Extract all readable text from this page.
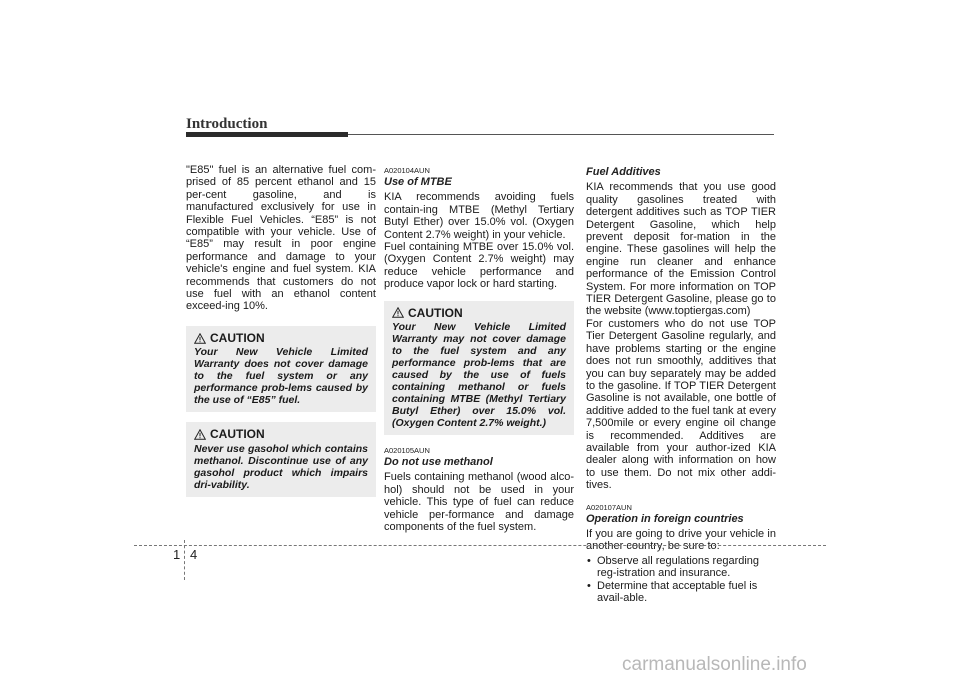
Introduction

"E85" fuel is an alternative fuel com-prised of 85 percent ethanol and 15 per-cent gasoline, and is manufactured exclusively for use in Flexible Fuel Vehicles. “E85” is not compatible with your vehicle. Use of “E85” may result in poor engine performance and damage to your vehicle's engine and fuel system. KIA recommends that customers do not use fuel with an ethanol content exceed-ing 10%.

CAUTION
Your New Vehicle Limited Warranty does not cover damage to the fuel system or any performance prob-lems caused by the use of “E85” fuel.
CAUTION
Never use gasohol which contains methanol. Discontinue use of any gasohol product which impairs dri-vability.
A020104AUN
Use of MTBE

KIA recommends avoiding fuels contain-ing MTBE (Methyl Tertiary Butyl Ether) over 15.0% vol. (Oxygen Content 2.7% weight) in your vehicle.

Fuel containing MTBE over 15.0% vol. (Oxygen Content 2.7% weight) may reduce vehicle performance and produce vapor lock or hard starting.

CAUTION
Your New Vehicle Limited Warranty may not cover damage to the fuel system and any performance prob-lems that are caused by the use of fuels containing methanol or fuels containing MTBE (Methyl Tertiary Butyl Ether) over 15.0% vol. (Oxygen Content 2.7% weight.)
A020105AUN
Do not use methanol

Fuels containing methanol (wood alco-hol) should not be used in your vehicle. This type of fuel can reduce vehicle per-formance and damage components of the fuel system.

Fuel Additives

KIA recommends that you use good quality gasolines treated with detergent additives such as TOP TIER Detergent Gasoline, which help prevent deposit for-mation in the engine. These gasolines will help the engine run cleaner and enhance performance of the Emission Control System. For more information on TOP TIER Detergent Gasoline, please go to the website (www.toptiergas.com)

For customers who do not use TOP Tier Detergent Gasoline regularly, and have problems starting or the engine does not run smoothly, additives that you can buy separately may be added to the gasoline. If TOP TIER Detergent Gasoline is not available, one bottle of additive added to the fuel tank at every 7,500mile or every engine oil change is recommended. Additives are available from your author-ized KIA dealer along with information on how to use them. Do not mix other addi-tives.

A020107AUN
Operation in foreign countries

If you are going to drive your vehicle in another country, be sure to:

• Observe all regulations regarding reg-istration and insurance.
• Determine that acceptable fuel is avail-able.
1 4
carmanualsonline.info
